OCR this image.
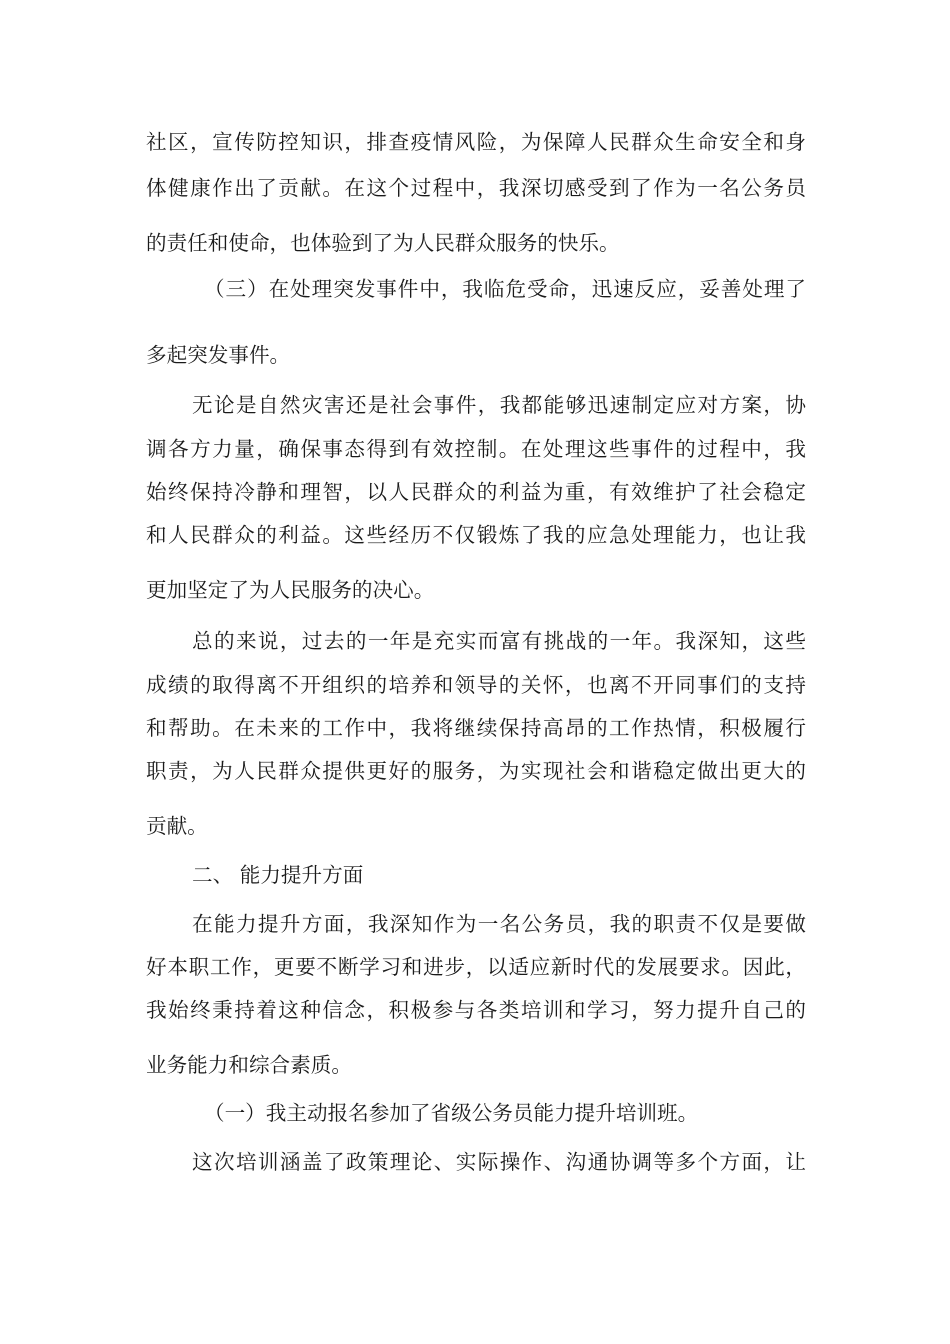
社区，宣传防控知识，排查疫情风险，为保障人民群众生命安全和身
体健康作出了贡献。在这个过程中，我深切感受到了作为一名公务员
的责任和使命，也体验到了为人民群众服务的快乐。
（三）在处理突发事件中，我临危受命，迅速反应，妥善处理了
多起突发事件。
无论是自然灾害还是社会事件，我都能够迅速制定应对方案，协
调各方力量，确保事态得到有效控制。在处理这些事件的过程中，我
始终保持冷静和理智，以人民群众的利益为重，有效维护了社会稳定
和人民群众的利益。这些经历不仅锻炼了我的应急处理能力，也让我
更加坚定了为人民服务的决心。
总的来说，过去的一年是充实而富有挑战的一年。我深知，这些
成绩的取得离不开组织的培养和领导的关怀，也离不开同事们的支持
和帮助。在未来的工作中，我将继续保持高昂的工作热情，积极履行
职责，为人民群众提供更好的服务，为实现社会和谐稳定做出更大的
贡献。
二、 能力提升方面
在能力提升方面，我深知作为一名公务员，我的职责不仅是要做
好本职工作，更要不断学习和进步，以适应新时代的发展要求。因此，
我始终秉持着这种信念，积极参与各类培训和学习，努力提升自己的
业务能力和综合素质。
（一）我主动报名参加了省级公务员能力提升培训班。
这次培训涵盖了政策理论、实际操作、沟通协调等多个方面，让
